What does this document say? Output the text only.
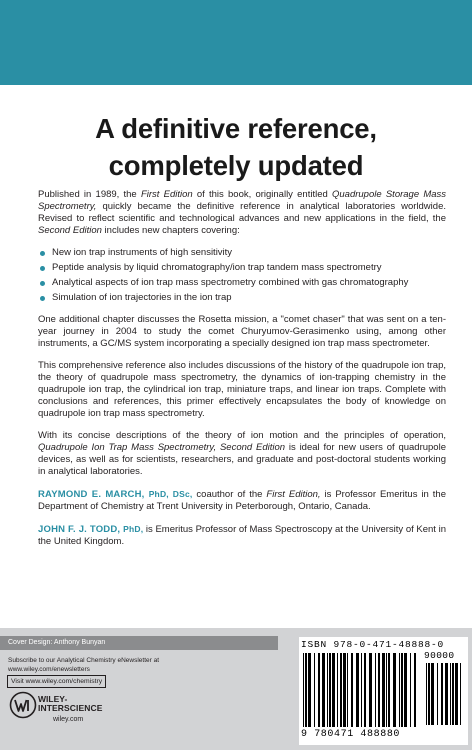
A definitive reference,
completely updated

Published in 1989, the First Edition of this book, originally entitled Quadrupole Storage Mass Spectrometry, quickly became the definitive reference in analytical laboratories worldwide. Revised to reflect scientific and technological advances and new applications in the field, the Second Edition includes new chapters covering:

New ion trap instruments of high sensitivity
Peptide analysis by liquid chromatography/ion trap tandem mass spectrometry
Analytical aspects of ion trap mass spectrometry combined with gas chromatography
Simulation of ion trajectories in the ion trap

One additional chapter discusses the Rosetta mission, a "comet chaser" that was sent on a ten-year journey in 2004 to study the comet Churyumov-Gerasimenko using, among other instruments, a GC/MS system incorporating a specially designed ion trap mass spectrometer.

This comprehensive reference also includes discussions of the history of the quadrupole ion trap, the theory of quadrupole mass spectrometry, the dynamics of ion-trapping chemistry in the quadrupole ion trap, the cylindrical ion trap, miniature traps, and linear ion traps. Complete with conclusions and references, this primer effectively encapsulates the body of knowledge on quadrupole ion trap mass spectrometry.

With its concise descriptions of the theory of ion motion and the principles of operation, Quadrupole Ion Trap Mass Spectrometry, Second Edition is ideal for new users of quadrupole devices, as well as for scientists, researchers, and graduate and post-doctoral students working in analytical laboratories.

RAYMOND E. MARCH, PhD, DSc, coauthor of the First Edition, is Professor Emeritus in the Department of Chemistry at Trent University in Peterborough, Ontario, Canada.

JOHN F. J. TODD, PhD, is Emeritus Professor of Mass Spectroscopy at the University of Kent in the United Kingdom.

Cover Design: Anthony Bunyan
Subscribe to our Analytical Chemistry eNewsletter at
www.wiley.com/enewsletters
Visit www.wiley.com/chemistry
WILEY-
INTERSCIENCE
wiley.com
ISBN 978-0-471-48888-0
90000
9 780471 488880
